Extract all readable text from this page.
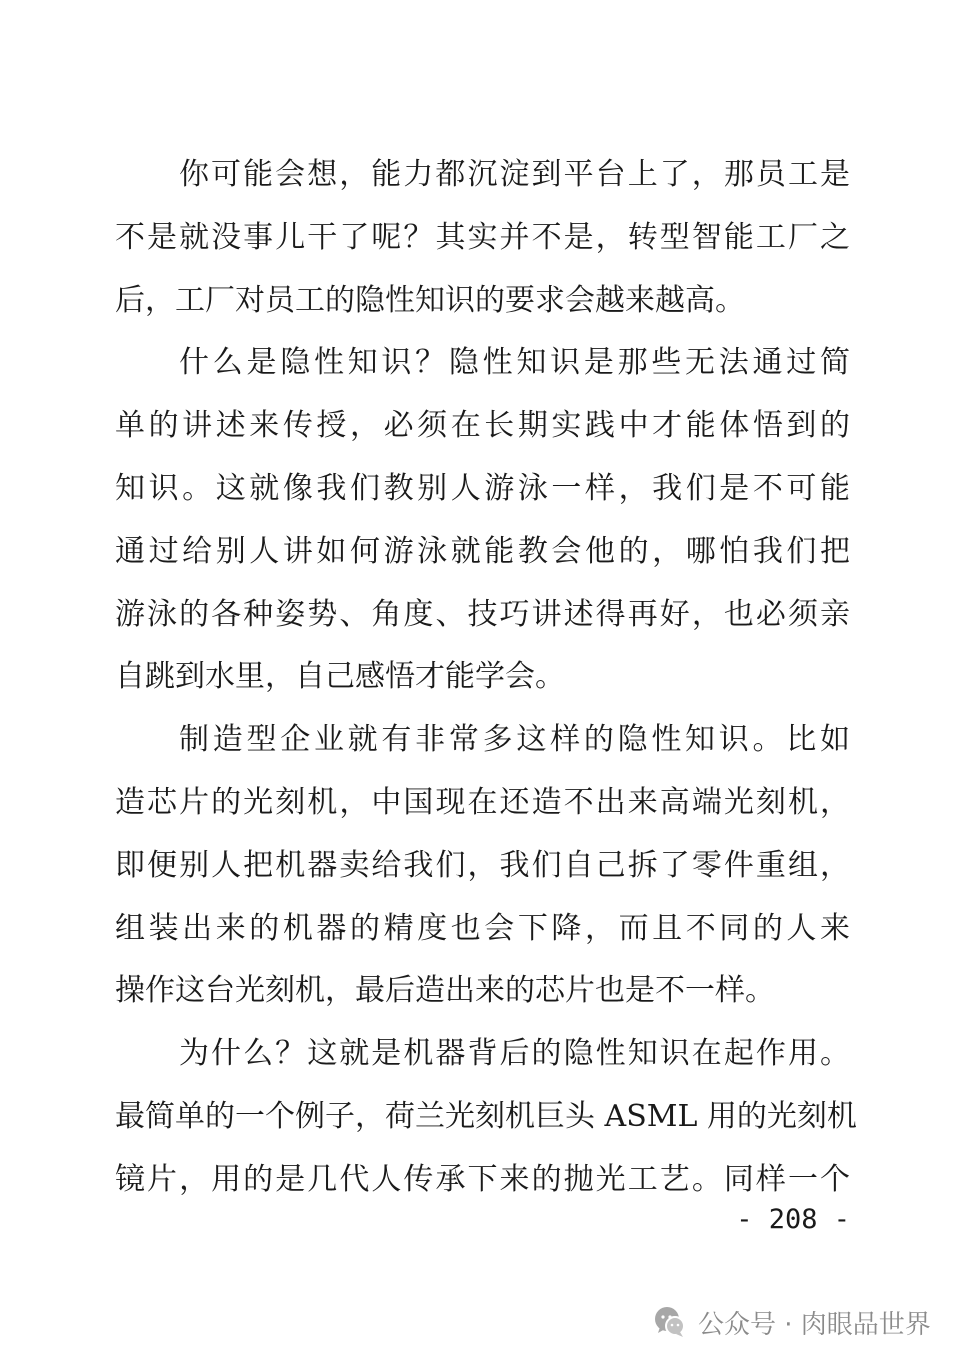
你可能会想，能力都沉淀到平台上了，那员工是
不是就没事儿干了呢？其实并不是，转型智能工厂之
后，工厂对员工的隐性知识的要求会越来越高。
什么是隐性知识？隐性知识是那些无法通过简
单的讲述来传授，必须在长期实践中才能体悟到的
知识。这就像我们教别人游泳一样，我们是不可能
通过给别人讲如何游泳就能教会他的，哪怕我们把
游泳的各种姿势、角度、技巧讲述得再好，也必须亲
自跳到水里，自己感悟才能学会。
制造型企业就有非常多这样的隐性知识。比如
造芯片的光刻机，中国现在还造不出来高端光刻机，
即便别人把机器卖给我们，我们自己拆了零件重组，
组装出来的机器的精度也会下降，而且不同的人来
操作这台光刻机，最后造出来的芯片也是不一样。
为什么？这就是机器背后的隐性知识在起作用。
最简单的一个例子，荷兰光刻机巨头 ASML 用的光刻机
镜片，用的是几代人传承下来的抛光工艺。同样一个
- 208 -
公众号 · 肉眼品世界
